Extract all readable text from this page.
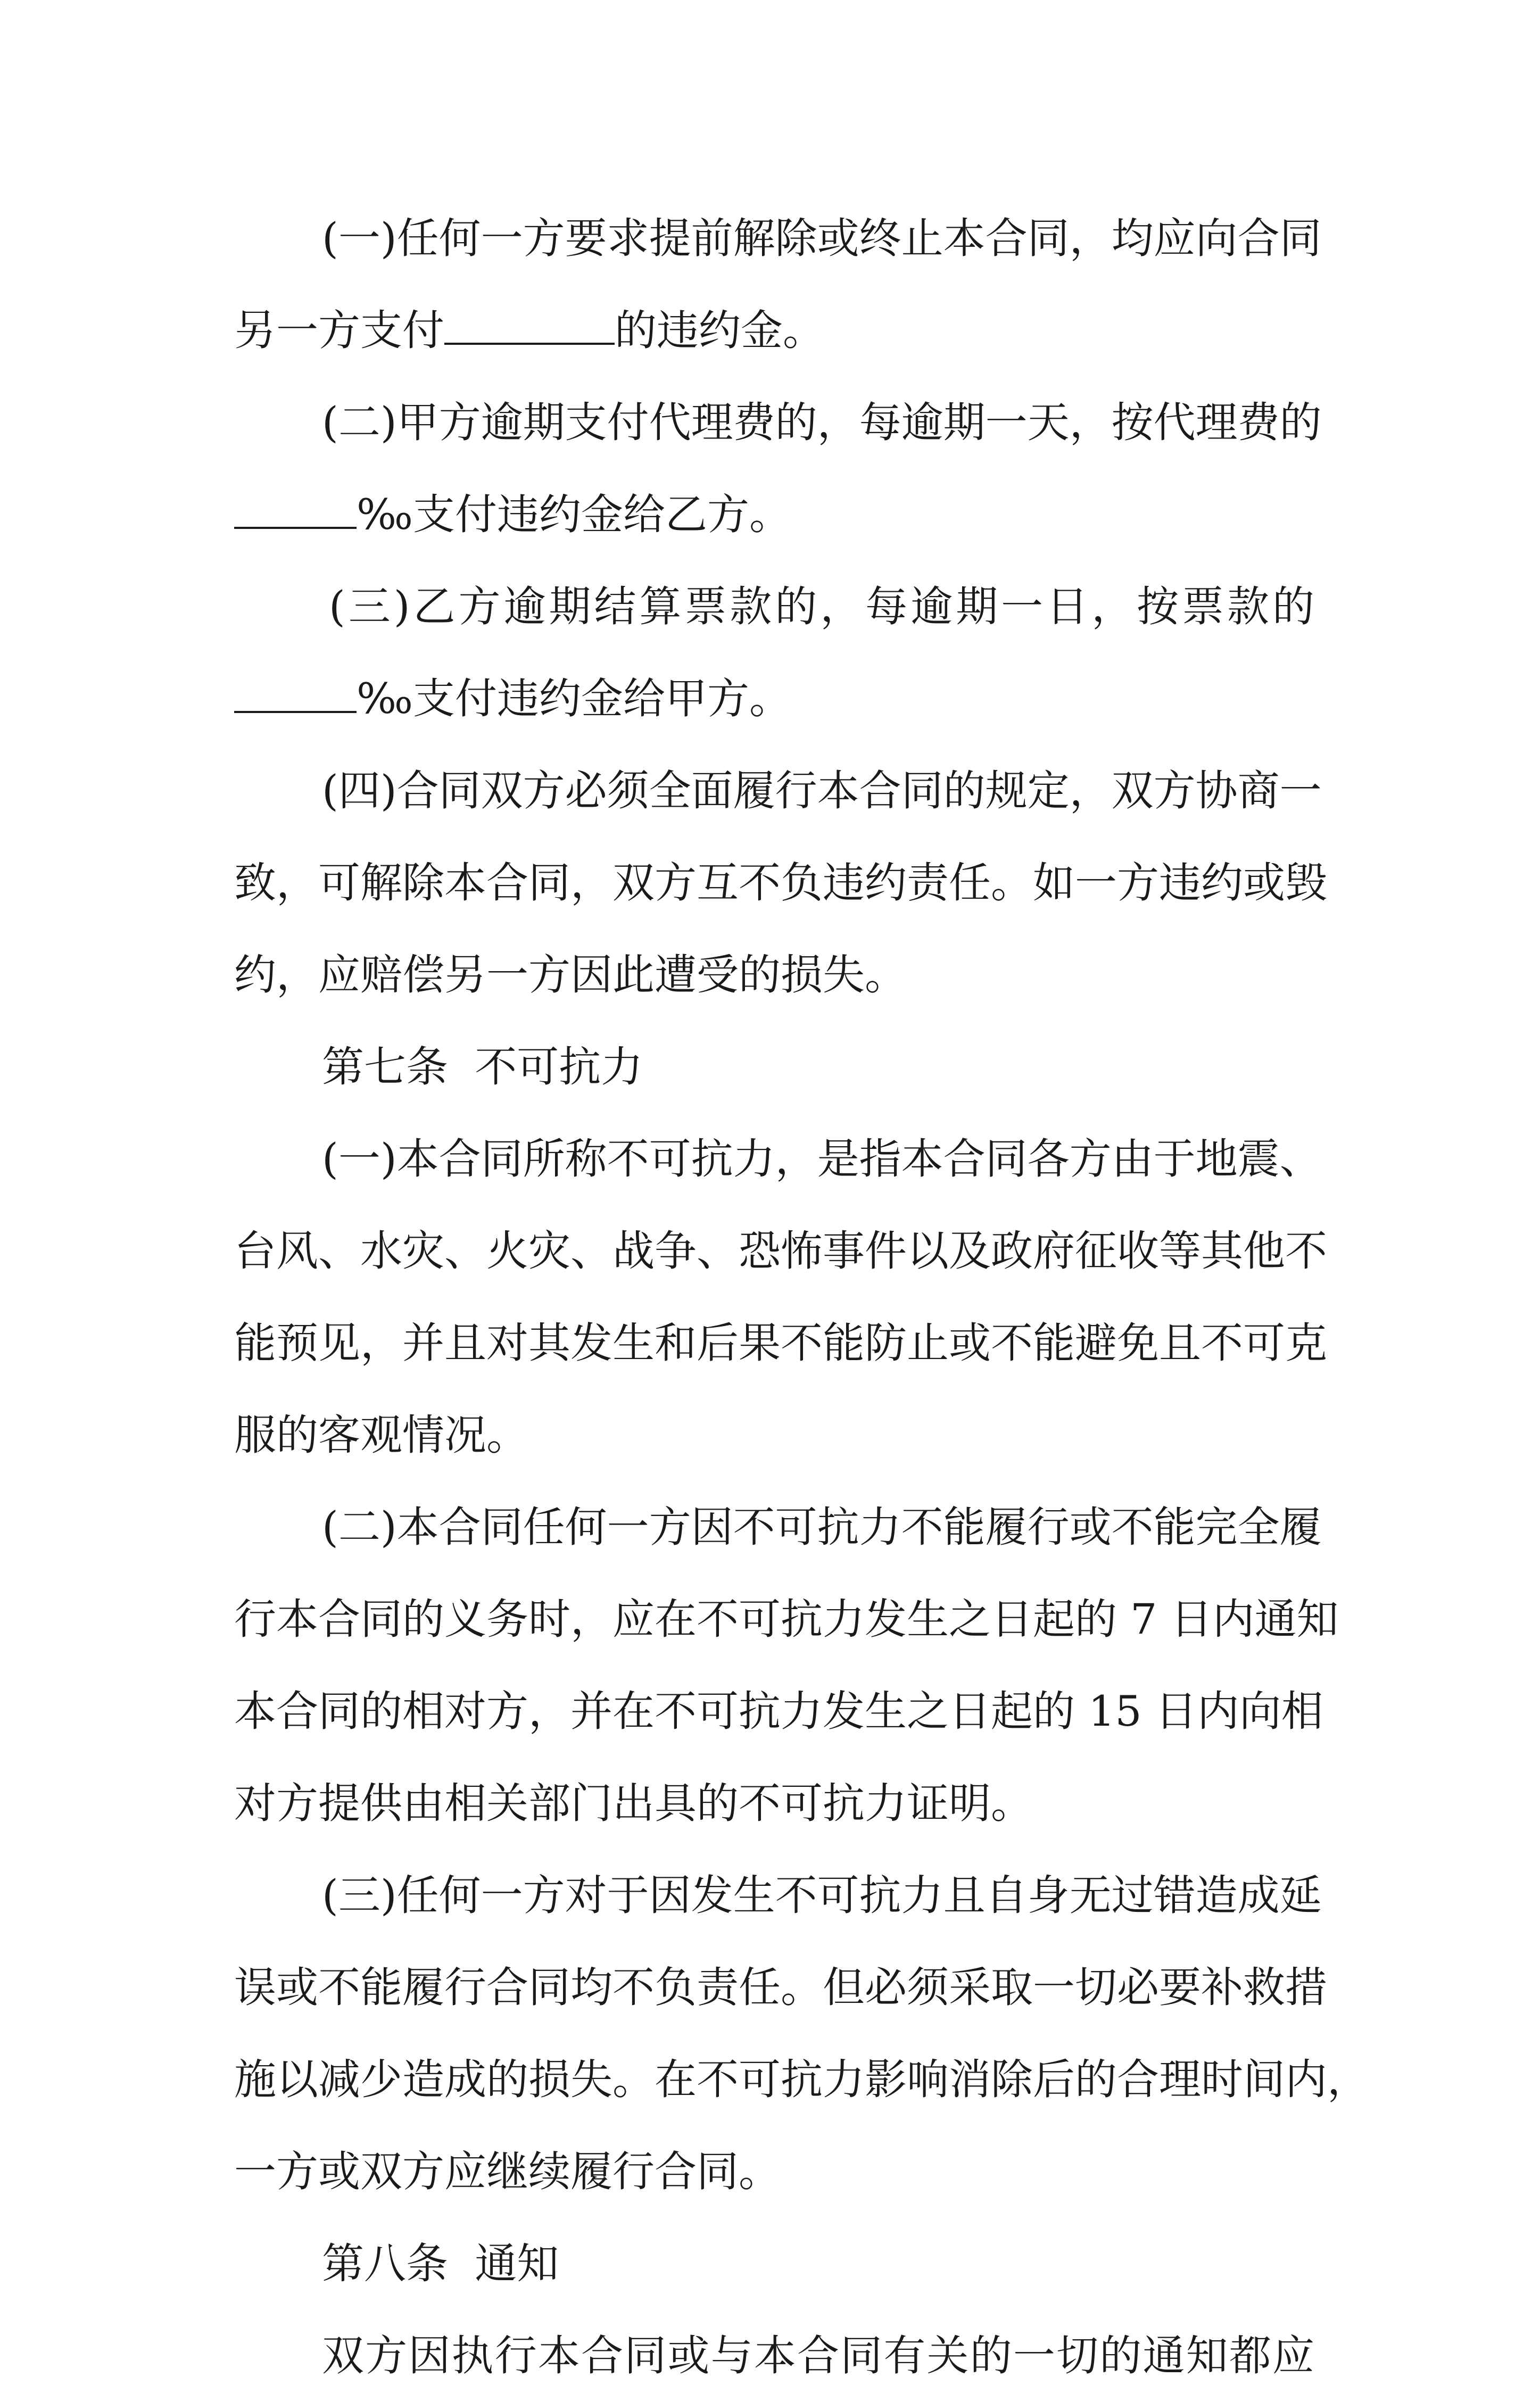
(一)任何一方要求提前解除或终止本合同，均应向合同
另一方支付	的违约金。
(二)甲方逾期支付代理费的，每逾期一天，按代理费的
‰支付违约金给乙方。
(三)乙方逾期结算票款的，每逾期一日，按票款的
‰支付违约金给甲方。
(四)合同双方必须全面履行本合同的规定，双方协商一
致，可解除本合同，双方互不负违约责任。如一方违约或毁
约，应赔偿另一方因此遭受的损失。
第七条  不可抗力
(一)本合同所称不可抗力，是指本合同各方由于地震、
台风、水灾、火灾、战争、恐怖事件以及政府征收等其他不
能预见，并且对其发生和后果不能防止或不能避免且不可克
服的客观情况。
(二)本合同任何一方因不可抗力不能履行或不能完全履
行本合同的义务时，应在不可抗力发生之日起的 7 日内通知
本合同的相对方，并在不可抗力发生之日起的 15 日内向相
对方提供由相关部门出具的不可抗力证明。
(三)任何一方对于因发生不可抗力且自身无过错造成延
误或不能履行合同均不负责任。但必须采取一切必要补救措
施以减少造成的损失。在不可抗力影响消除后的合理时间内，
一方或双方应继续履行合同。
第八条  通知
双方因执行本合同或与本合同有关的一切的通知都应
